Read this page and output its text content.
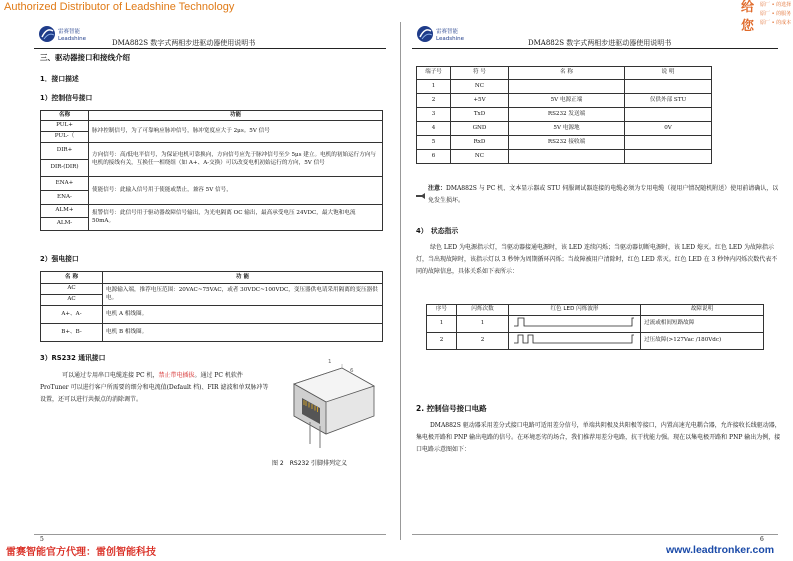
Authorized Distributor of Leadshine Technology	给
您
原厂 • 的选择
原厂 • 的服务
原厂 • 的成本
雷赛智能
Leadshine	DMA882S 数字式两相步进驱动器使用说明书
雷赛智能
Leadshine	DMA882S 数字式两相步进驱动器使用说明书
三、驱动器接口和接线介绍
1．接口描述
1）控制信号接口
名称	功能
PUL+	脉冲控制信号，为了可靠响应脉冲信号，脉冲宽度应大于 2μs。5V 信号
PUL-（	
DIR+	方向信号：高/低电平信号，为保证电机可靠换向，方向信号应先于脉冲信号至少 5μs 建立。电机的初始运行方向与电机的接线有关，互换任一相绕组（如 A+、A-交换）可以改变电机初始运行的方向，5V 信号
DIR-(DIR)	
ENA+	使能信号：此输入信号用于使能或禁止，兼容 5V 信号，
ENA-	
ALM+	报警信号：此信号用于驱动器故障信号输出，为光电隔离 OC 输出，最高承受电压 24VDC，最大饱和电流 50mA。
ALM-	
2）强电接口
名 称	功 能
AC	电源输入端，推荐电压范围：20VAC~75VAC，或者 30VDC~100VDC，变压器供电请采用隔离的变压器供电。
AC	
A+、A-	电机 A 相线圈。
B+、B-	电机 B 相线圈。
3）RS232 通讯接口
可以通过专用串口电缆连接 PC 机，禁止带电插拔。通过 PC 机软件 ProTuner 可以进行客户所需要的细分和电流值(Default 档)、FIR 滤波和单双脉冲等设置，还可以进行共振点的消除调节。
1
6
图 2　RS232 引脚排列定义
5
端子号	符 号	名 称	说 明
1	NC		
2	+5V	5V 电源正端	仅供外部 STU
3	TxD	RS232 发送端	
4	GND	5V 电源地	0V
5	RxD	RS232 接收端	
6	NC		
注意：DMA882S 与 PC 机、文本显示器或 STU 伺服调试器连接的电缆必须为专用电缆（视用户情况随机附送）使用前请确认，以免发生损坏。
4）　状态指示
绿色 LED 为电源指示灯，当驱动器接通电源时，该 LED 连续闪烁；当驱动器切断电源时，该 LED 熄灭。红色 LED 为故障指示灯，当出现故障时，该指示灯以 3 秒钟为周期循环闪烁；当故障被用户清除时，红色 LED 常灭。红色 LED 在 3 秒钟内闪烁次数代表不同的故障信息，具体关系如下表所示：
序号	闪烁次数	红色 LED 闪烁波形	故障说明
1	1		过流或相间短路故障
2	2		过压故障(>127Vac /180Vdc)
2. 控制信号接口电路
DMA882S 驱动器采用差分式接口电路可适用差分信号，单端共阴极及共阳极等接口，内置高速光电耦合器，允许接收长线驱动器，集电极开路和 PNP 输出电路的信号。在环境恶劣的场合，我们推荐用差分电路，抗干扰能力强。现在以集电极开路和 PNP 输出为例，接口电路示意图如下：
6
雷赛智能官方代理：雷创智能科技	www.leadtronker.com
